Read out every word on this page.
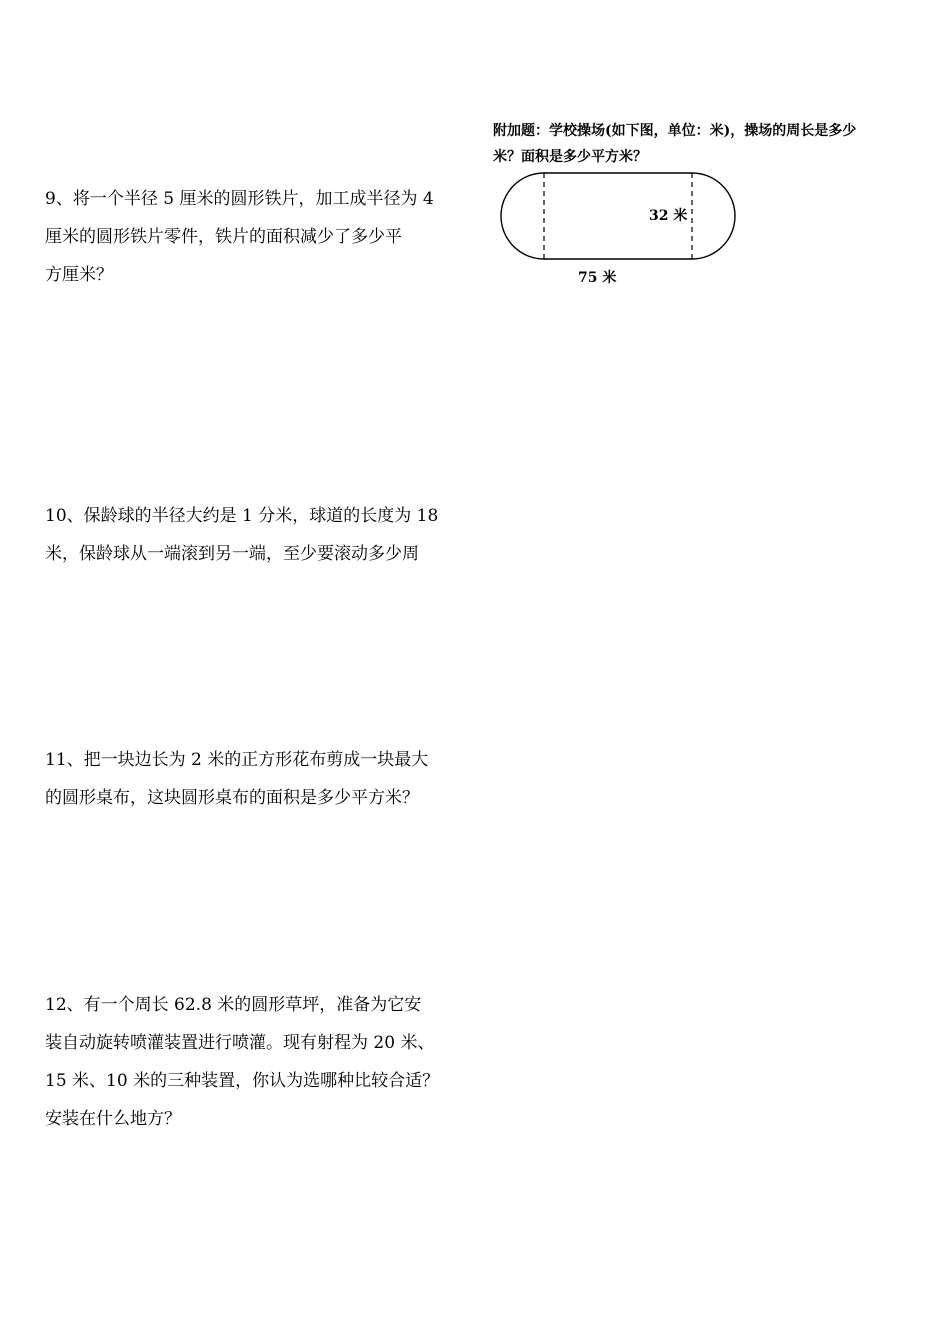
9、将一个半径 5 厘米的圆形铁片，加工成半径为 4
厘米的圆形铁片零件，铁片的面积减少了多少平
方厘米？
10、保龄球的半径大约是 1 分米，球道的长度为 18
米，保龄球从一端滚到另一端，至少要滚动多少周
11、把一块边长为 2 米的正方形花布剪成一块最大
的圆形桌布，这块圆形桌布的面积是多少平方米？
12、有一个周长 62.8 米的圆形草坪，准备为它安
装自动旋转喷灌装置进行喷灌。现有射程为 20 米、
15 米、10 米的三种装置，你认为选哪种比较合适？
安装在什么地方？
附加题：学校操场(如下图，单位：米)，操场的周长是多少
米？面积是多少平方米？
32 米
75 米
